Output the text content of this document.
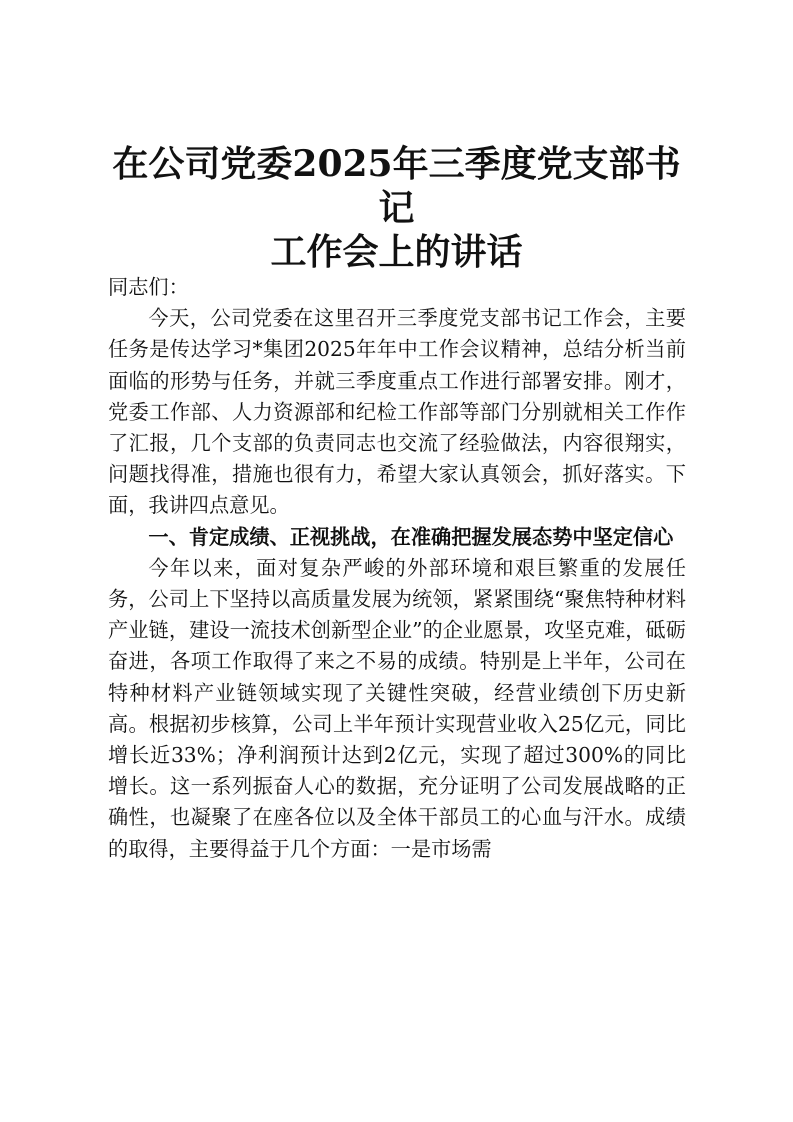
在公司党委2025年三季度党支部书记
工作会上的讲话

同志们：

今天，公司党委在这里召开三季度党支部书记工作会，主要任务是传达学习*集团2025年年中工作会议精神，总结分析当前面临的形势与任务，并就三季度重点工作进行部署安排。刚才，党委工作部、人力资源部和纪检工作部等部门分别就相关工作作了汇报，几个支部的负责同志也交流了经验做法，内容很翔实，问题找得准，措施也很有力，希望大家认真领会，抓好落实。下面，我讲四点意见。

一、肯定成绩、正视挑战，在准确把握发展态势中坚定信心

今年以来，面对复杂严峻的外部环境和艰巨繁重的发展任务，公司上下坚持以高质量发展为统领，紧紧围绕“聚焦特种材料产业链，建设一流技术创新型企业”的企业愿景，攻坚克难，砥砺奋进，各项工作取得了来之不易的成绩。特别是上半年，公司在特种材料产业链领域实现了关键性突破，经营业绩创下历史新高。根据初步核算，公司上半年预计实现营业收入25亿元，同比增长近33%；净利润预计达到2亿元，实现了超过300%的同比增长。这一系列振奋人心的数据，充分证明了公司发展战略的正确性，也凝聚了在座各位以及全体干部员工的心血与汗水。成绩的取得，主要得益于几个方面：一是市场需
